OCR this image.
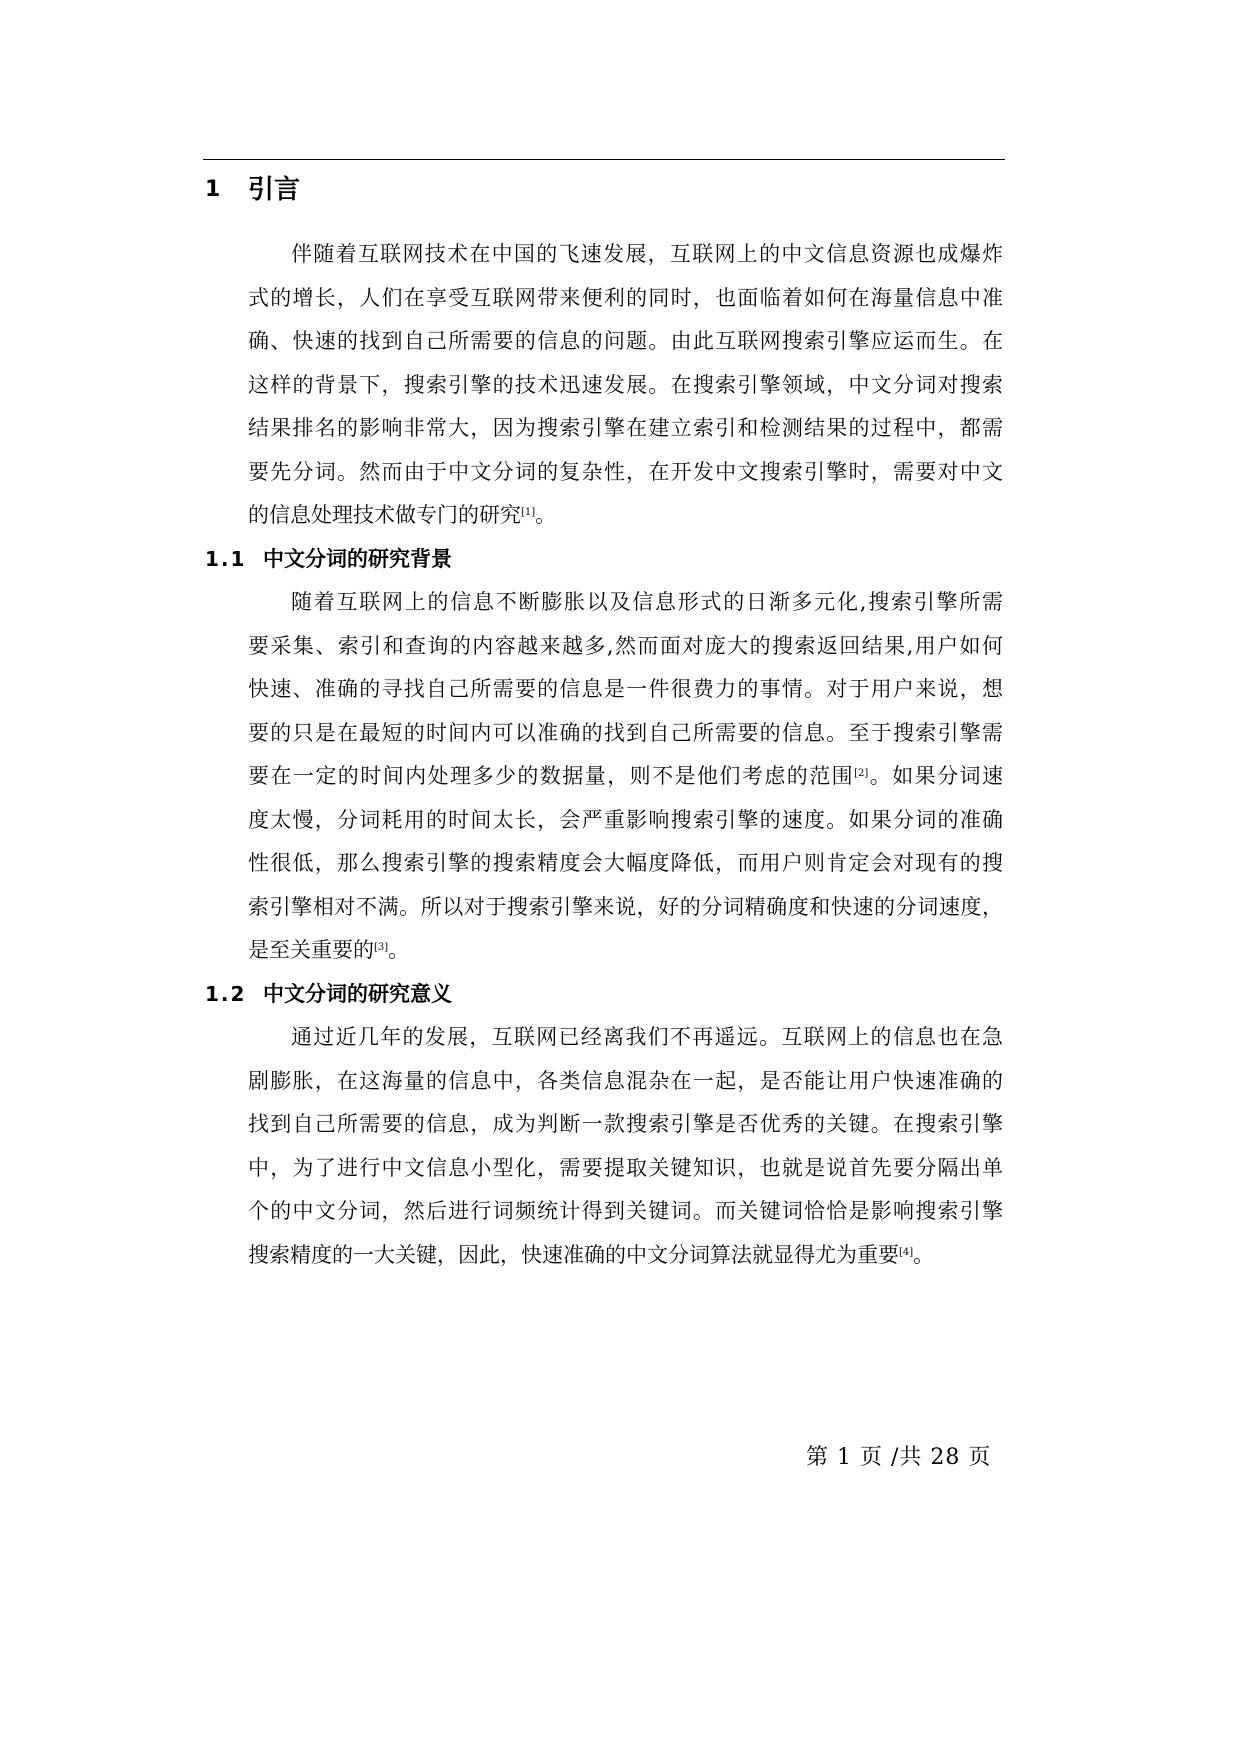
1 引言
伴随着互联网技术在中国的飞速发展，互联网上的中文信息资源也成爆炸
式的增长，人们在享受互联网带来便利的同时，也面临着如何在海量信息中准
确、快速的找到自己所需要的信息的问题。由此互联网搜索引擎应运而生。在
这样的背景下，搜索引擎的技术迅速发展。在搜索引擎领域，中文分词对搜索
结果排名的影响非常大，因为搜索引擎在建立索引和检测结果的过程中，都需
要先分词。然而由于中文分词的复杂性，在开发中文搜索引擎时，需要对中文
的信息处理技术做专门的研究[1]。
1.1 中文分词的研究背景
随着互联网上的信息不断膨胀以及信息形式的日渐多元化,搜索引擎所需
要采集、索引和查询的内容越来越多,然而面对庞大的搜索返回结果,用户如何
快速、准确的寻找自己所需要的信息是一件很费力的事情。对于用户来说，想
要的只是在最短的时间内可以准确的找到自己所需要的信息。至于搜索引擎需
要在一定的时间内处理多少的数据量，则不是他们考虑的范围[2]。如果分词速
度太慢，分词耗用的时间太长，会严重影响搜索引擎的速度。如果分词的准确
性很低，那么搜索引擎的搜索精度会大幅度降低，而用户则肯定会对现有的搜
索引擎相对不满。所以对于搜索引擎来说，好的分词精确度和快速的分词速度，
是至关重要的[3]。
1.2 中文分词的研究意义
通过近几年的发展，互联网已经离我们不再遥远。互联网上的信息也在急
剧膨胀，在这海量的信息中，各类信息混杂在一起，是否能让用户快速准确的
找到自己所需要的信息，成为判断一款搜索引擎是否优秀的关键。在搜索引擎
中，为了进行中文信息小型化，需要提取关键知识，也就是说首先要分隔出单
个的中文分词，然后进行词频统计得到关键词。而关键词恰恰是影响搜索引擎
搜索精度的一大关键，因此，快速准确的中文分词算法就显得尤为重要[4]。
第 1 页 /共 28 页
